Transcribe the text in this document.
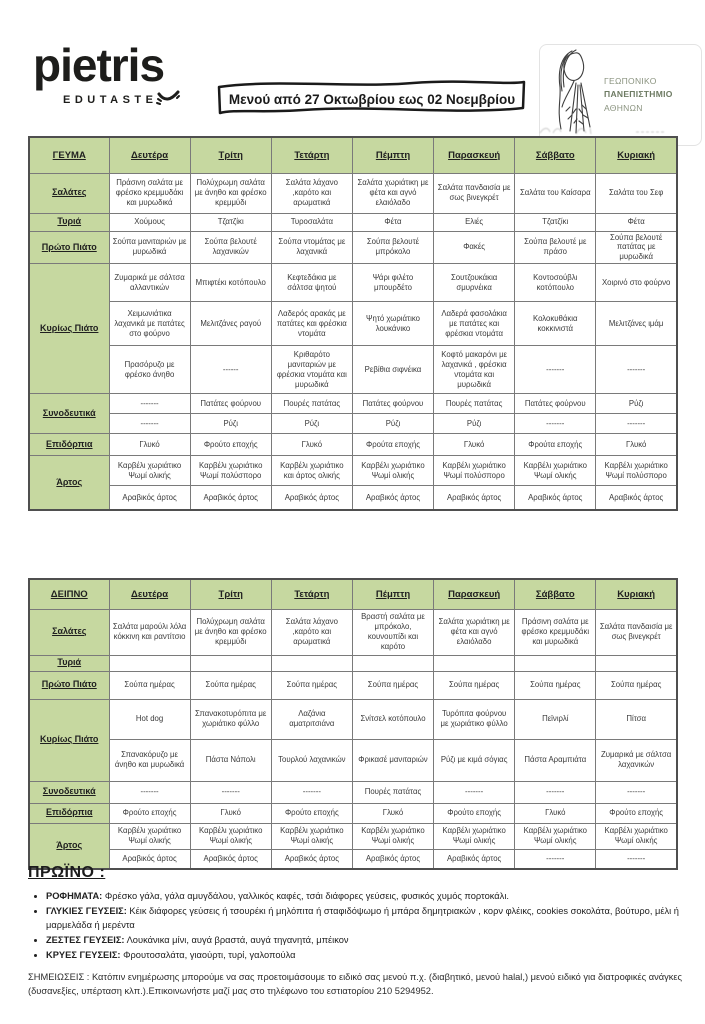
pietris
EDUTASTE	Μενού από 27 Οκτωβρίου εως 02 Νοεμβρίου
ΓΕΩΠΟΝΙΚΟ
ΠΑΝΕΠΙΣΤΗΜΙΟ
ΑΘΗΝΩΝ
ΓΕΥΜΑ	Δευτέρα	Τρίτη	Τετάρτη	Πέμπτη	Παρασκευή	Σάββατο	Κυριακή
Σαλάτες	Πράσινη σαλάτα με φρέσκο κρεμμυδάκι και μυρωδικά	Πολύχρωμη σαλάτα με άνηθο και φρέσκο κρεμμύδι	Σαλάτα λάχανο ,καρότο και αρωματικά	Σαλάτα χωριάτικη με φέτα και αγνό ελαιόλαδο	Σαλάτα πανδαισία με σως βινεγκρέτ	Σαλάτα του Καίσαρα	Σαλάτα του Σεφ
Τυριά	Χούμους	Τζατζίκι	Τυροσαλάτα	Φέτα	Ελιές	Τζατζίκι	Φέτα
Πρώτο Πιάτο	Σούπα μανιταριών με μυρωδικά	Σούπα βελουτέ λαχανικών	Σούπα ντομάτας με λαχανικά	Σούπα βελουτέ μπρόκολο	Φακές	Σούπα βελουτέ με πράσο	Σούπα βελουτέ πατάτας με μυρωδικά
Κυρίως Πιάτο	Ζυμαρικά με σάλτσα αλλαντικών	Μπιφτέκι κοτόπουλο	Κεφτεδάκια με σάλτσα ψητού	Ψάρι φιλέτο μπουρδέτο	Σουτζουκάκια σμυρνέικα	Κοντοσούβλι κοτόπουλο	Χοιρινό στο φούρνο
	Χειμωνιάτικα λαχανικά με πατάτες στο φούρνο	Μελιτζάνες ραγού	Λαδερός αρακάς με πατάτες και φρέσκια ντομάτα	Ψητό χωριάτικο λουκάνικο	Λαδερά φασολάκια με πατάτες και φρέσκια ντομάτα	Κολοκυθάκια κοκκινιστά	Μελιτζάνες ιμάμ
	Πρασόρυζο με φρέσκο άνηθο	------	Κριθαρότο μανιταριών με φρέσκια ντομάτα και μυρωδικά	Ρεβίθια σιφνέικα	Κοφτό μακαρόνι με λαχανικά , φρέσκια ντομάτα και μυρωδικά	-------	-------
Συνοδευτικά	-------	Πατάτες φούρνου	Πουρές πατάτας	Πατάτες φούρνου	Πουρές πατάτας	Πατάτες φούρνου	Ρύζι
	-------	Ρύζι	Ρύζι	Ρύζι	Ρύζι	-------	-------
Επιδόρπια	Γλυκό	Φρούτο εποχής	Γλυκό	Φρούτα εποχής	Γλυκό	Φρούτα εποχής	Γλυκό
Άρτος	Καρβέλι χωριάτικο Ψωμί ολικής	Καρβέλι χωριάτικο Ψωμί πολύσπορο	Καρβέλι χωριάτικο και άρτος ολικής	Καρβέλι χωριάτικο Ψωμί ολικής	Καρβέλι χωριάτικο Ψωμί πολύσπορο	Καρβέλι χωριάτικο Ψωμί ολικής	Καρβέλι χωριάτικο Ψωμί πολύσπορο
	Αραβικός άρτος	Αραβικός άρτος	Αραβικός άρτος	Αραβικός άρτος	Αραβικός άρτος	Αραβικός άρτος	Αραβικός άρτος
ΔΕΙΠΝΟ	Δευτέρα	Τρίτη	Τετάρτη	Πέμπτη	Παρασκευή	Σάββατο	Κυριακή
Σαλάτες	Σαλάτα μαρούλι λόλα κόκκινη και ραντίτσιο	Πολύχρωμη σαλάτα με άνηθο και φρέσκο κρεμμύδι	Σαλάτα λάχανο ,καρότο και αρωματικά	Βραστή σαλάτα με μπρόκολο, κουνουπίδι και καρότο	Σαλάτα χωριάτικη με φέτα και αγνό ελαιόλαδο	Πράσινη σαλάτα με φρέσκο κρεμμυδάκι και μυρωδικά	Σαλάτα πανδαισία με σως βινεγκρέτ
Τυριά							
Πρώτο Πιάτο	Σούπα ημέρας	Σούπα ημέρας	Σούπα ημέρας	Σούπα ημέρας	Σούπα ημέρας	Σούπα ημέρας	Σούπα ημέρας
Κυρίως Πιάτο	Hot dog	Σπανακοτυρόπιτα με χωριάτικο φύλλο	Λαζάνια αματριτσιάνα	Σνίτσελ κοτόπουλο	Τυρόπιτα φούρνου με χωριάτικο φύλλο	Πεϊνιρλί	Πίτσα
	Σπανακόρυζο με άνηθο και μυρωδικά	Πάστα Νάπολι	Τουρλού λαχανικών	Φρικασέ μανιταριών	Ρύζι με κιμά σόγιας	Πάστα Αραμπιάτα	Ζυμαρικά με σάλτσα λαχανικών
Συνοδευτικά	-------	-------	-------	Πουρές πατάτας	-------	-------	-------
Επιδόρπια	Φρούτο εποχής	Γλυκό	Φρούτο εποχής	Γλυκό	Φρούτο εποχής	Γλυκό	Φρούτο εποχής
Άρτος	Καρβέλι χωριάτικο Ψωμί ολικής	Καρβέλι χωριάτικο Ψωμί ολικής	Καρβέλι χωριάτικο Ψωμί ολικής	Καρβέλι χωριάτικο Ψωμί ολικής	Καρβέλι χωριάτικο Ψωμί ολικής	Καρβέλι χωριάτικο Ψωμί ολικής	Καρβέλι χωριάτικο Ψωμί ολικής
	Αραβικός άρτος	Αραβικός άρτος	Αραβικός άρτος	Αραβικός άρτος	Αραβικός άρτος	-------	-------
ΠΡΩΪΝΟ :
• ΡΟΦΗΜΑΤΑ: Φρέσκο γάλα, γάλα αμυγδάλου, γαλλικός καφές, τσάι διάφορες γεύσεις, φυσικός χυμός πορτοκάλι.
• ΓΛΥΚΙΕΣ ΓΕΥΣΕΙΣ: Κέικ διάφορες γεύσεις ή τσουρέκι ή μηλόπιτα ή σταφιδόψωμο ή μπάρα δημητριακών , κορν φλέικς, cookies σοκολάτα, βούτυρο, μέλι ή μαρμελάδα ή μερέντα
• ΖΕΣΤΕΣ ΓΕΥΣΕΙΣ: Λουκάνικα μίνι, αυγά βραστά, αυγά τηγανητά, μπέικον
• ΚΡΥΕΣ ΓΕΥΣΕΙΣ: Φρουτοσαλάτα, γιαούρτι, τυρί, γαλοπούλα
ΣΗΜΕΙΩΣΕΙΣ : Κατόπιν ενημέρωσης μπορούμε να σας προετοιμάσουμε το ειδικό σας μενού π.χ. (διαβητικό, μενού halal,) μενού ειδικό για διατροφικές ανάγκες (δυσανεξίες, υπέρταση κλπ.).Επικοινωνήστε μαζί μας στο τηλέφωνο του εστιατορίου 210 5294952.
